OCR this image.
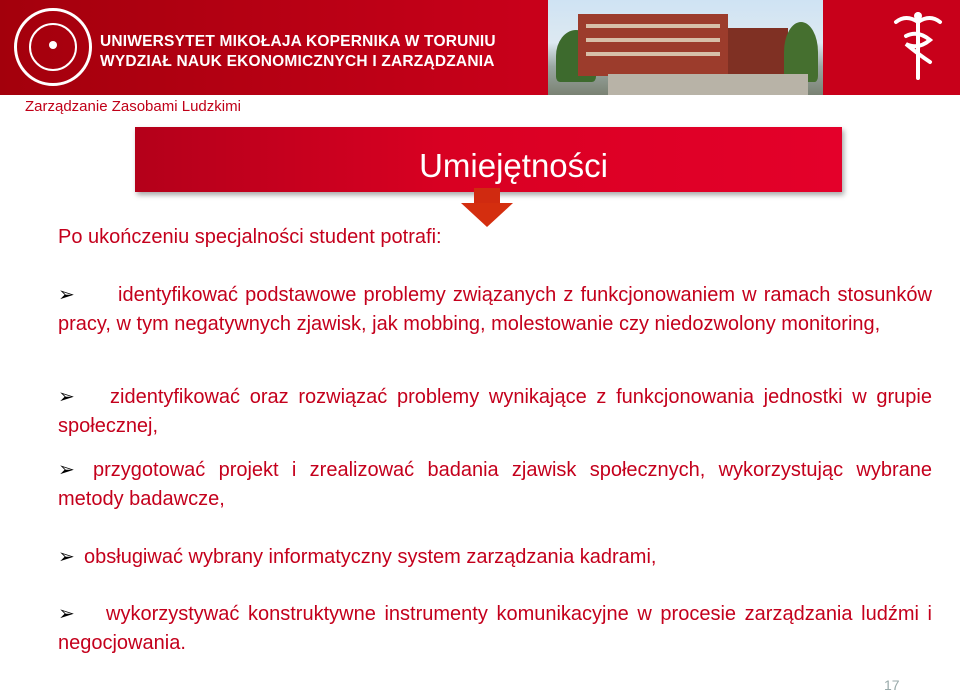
UNIWERSYTET MIKOŁAJA KOPERNIKA W TORUNIU
WYDZIAŁ NAUK EKONOMICZNYCH I ZARZĄDZANIA
Zarządzanie Zasobami Ludzkimi
Umiejętności
Po ukończeniu specjalności student potrafi:
➢ identyfikować podstawowe problemy związanych z funkcjonowaniem w ramach stosunków pracy, w tym negatywnych zjawisk, jak mobbing, molestowanie czy niedozwolony monitoring,
➢ zidentyfikować oraz rozwiązać problemy wynikające z funkcjonowania jednostki w grupie społecznej,
➢ przygotować projekt i zrealizować badania zjawisk społecznych, wykorzystując wybrane metody badawcze,
➢ obsługiwać wybrany informatyczny system zarządzania kadrami,
➢ wykorzystywać konstruktywne instrumenty komunikacyjne w procesie zarządzania ludźmi i negocjowania.
17
